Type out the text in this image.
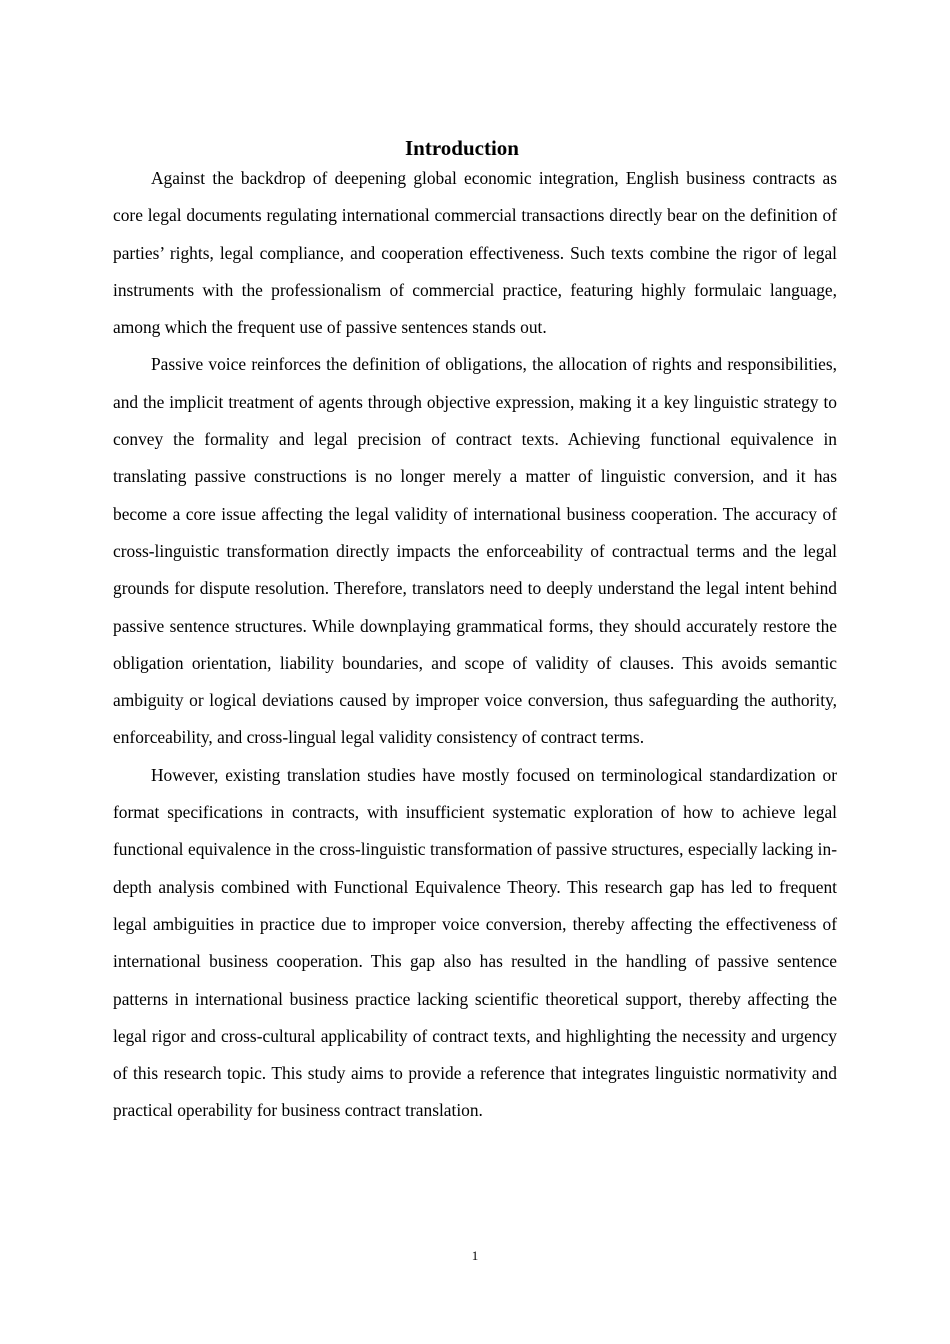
Introduction

Against the backdrop of deepening global economic integration, English business contracts as core legal documents regulating international commercial transactions directly bear on the definition of parties’ rights, legal compliance, and cooperation effectiveness. Such texts combine the rigor of legal instruments with the professionalism of commercial practice, featuring highly formulaic language, among which the frequent use of passive sentences stands out.

Passive voice reinforces the definition of obligations, the allocation of rights and responsibilities, and the implicit treatment of agents through objective expression, making it a key linguistic strategy to convey the formality and legal precision of contract texts. Achieving functional equivalence in translating passive constructions is no longer merely a matter of linguistic conversion, and it has become a core issue affecting the legal validity of international business cooperation. The accuracy of cross-linguistic transformation directly impacts the enforceability of contractual terms and the legal grounds for dispute resolution. Therefore, translators need to deeply understand the legal intent behind passive sentence structures. While downplaying grammatical forms, they should accurately restore the obligation orientation, liability boundaries, and scope of validity of clauses. This avoids semantic ambiguity or logical deviations caused by improper voice conversion, thus safeguarding the authority, enforceability, and cross-lingual legal validity consistency of contract terms.

However, existing translation studies have mostly focused on terminological standardization or format specifications in contracts, with insufficient systematic exploration of how to achieve legal functional equivalence in the cross-linguistic transformation of passive structures, especially lacking in-depth analysis combined with Functional Equivalence Theory. This research gap has led to frequent legal ambiguities in practice due to improper voice conversion, thereby affecting the effectiveness of international business cooperation. This gap also has resulted in the handling of passive sentence patterns in international business practice lacking scientific theoretical support, thereby affecting the legal rigor and cross-cultural applicability of contract texts, and highlighting the necessity and urgency of this research topic. This study aims to provide a reference that integrates linguistic normativity and practical operability for business contract translation.

1
